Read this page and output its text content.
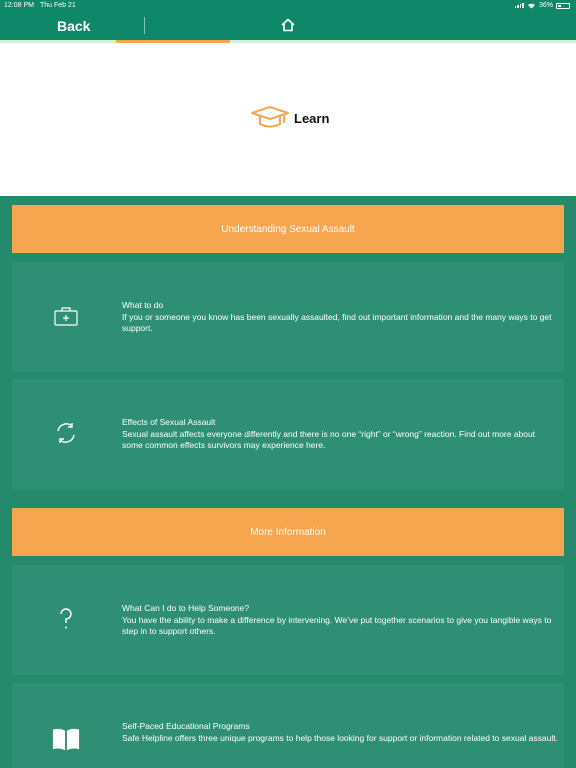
12:08 PM Thu Feb 21	36%
Back
Learn
Understanding Sexual Assault
What to do
If you or someone you know has been sexually assaulted, find out important information and the many ways to get support.
Effects of Sexual Assault
Sexual assault affects everyone differently and there is no one “right” or “wrong” reaction. Find out more about some common effects survivors may experience here.
More Information
What Can I do to Help Someone?
You have the ability to make a difference by intervening. We’ve put together scenarios to give you tangible ways to step in to support others.
Self-Paced Educational Programs
Safe Helpline offers three unique programs to help those looking for support or information related to sexual assault.
